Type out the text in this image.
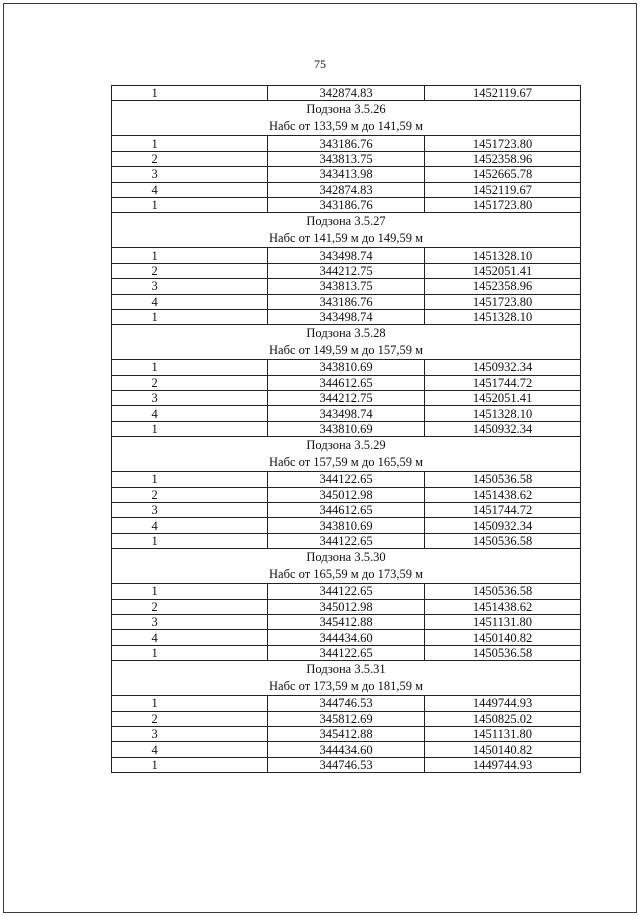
75
1	342874.83	1452119.67

Подзона 3.5.26
Набс от 133,59 м до 141,59 м		

1	343186.76	1451723.80
2	343813.75	1452358.96
3	343413.98	1452665.78
4	342874.83	1452119.67
1	343186.76	1451723.80

Подзона 3.5.27
Набс от 141,59 м до 149,59 м		

1	343498.74	1451328.10
2	344212.75	1452051.41
3	343813.75	1452358.96
4	343186.76	1451723.80
1	343498.74	1451328.10

Подзона 3.5.28
Набс от 149,59 м до 157,59 м		

1	343810.69	1450932.34
2	344612.65	1451744.72
3	344212.75	1452051.41
4	343498.74	1451328.10
1	343810.69	1450932.34

Подзона 3.5.29
Набс от 157,59 м до 165,59 м		

1	344122.65	1450536.58
2	345012.98	1451438.62
3	344612.65	1451744.72
4	343810.69	1450932.34
1	344122.65	1450536.58

Подзона 3.5.30
Набс от 165,59 м до 173,59 м		

1	344122.65	1450536.58
2	345012.98	1451438.62
3	345412.88	1451131.80
4	344434.60	1450140.82
1	344122.65	1450536.58

Подзона 3.5.31
Набс от 173,59 м до 181,59 м		

1	344746.53	1449744.93
2	345812.69	1450825.02
3	345412.88	1451131.80
4	344434.60	1450140.82
1	344746.53	1449744.93
